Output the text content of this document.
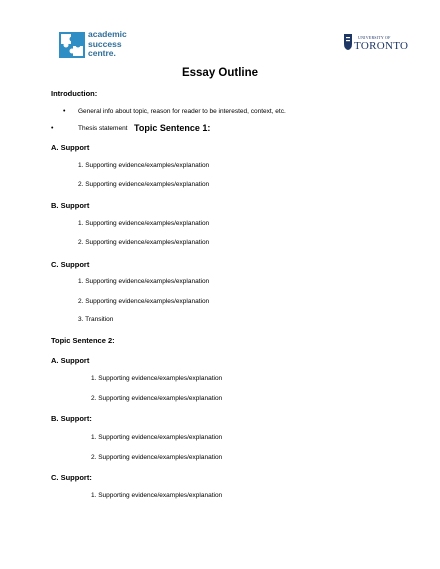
academic
success
centre.
UNIVERSITY OF
TORONTO
Essay Outline
Introduction:
• General info about topic, reason for reader to be interested, context, etc.
•	Thesis statement Topic Sentence 1:
A. Support
1. Supporting evidence/examples/explanation
2. Supporting evidence/examples/explanation
B. Support
1. Supporting evidence/examples/explanation
2. Supporting evidence/examples/explanation
C. Support
1. Supporting evidence/examples/explanation
2. Supporting evidence/examples/explanation
3. Transition
Topic Sentence 2:
A. Support
1. Supporting evidence/examples/explanation
2. Supporting evidence/examples/explanation
B. Support:
1. Supporting evidence/examples/explanation
2. Supporting evidence/examples/explanation
C. Support:
1. Supporting evidence/examples/explanation
